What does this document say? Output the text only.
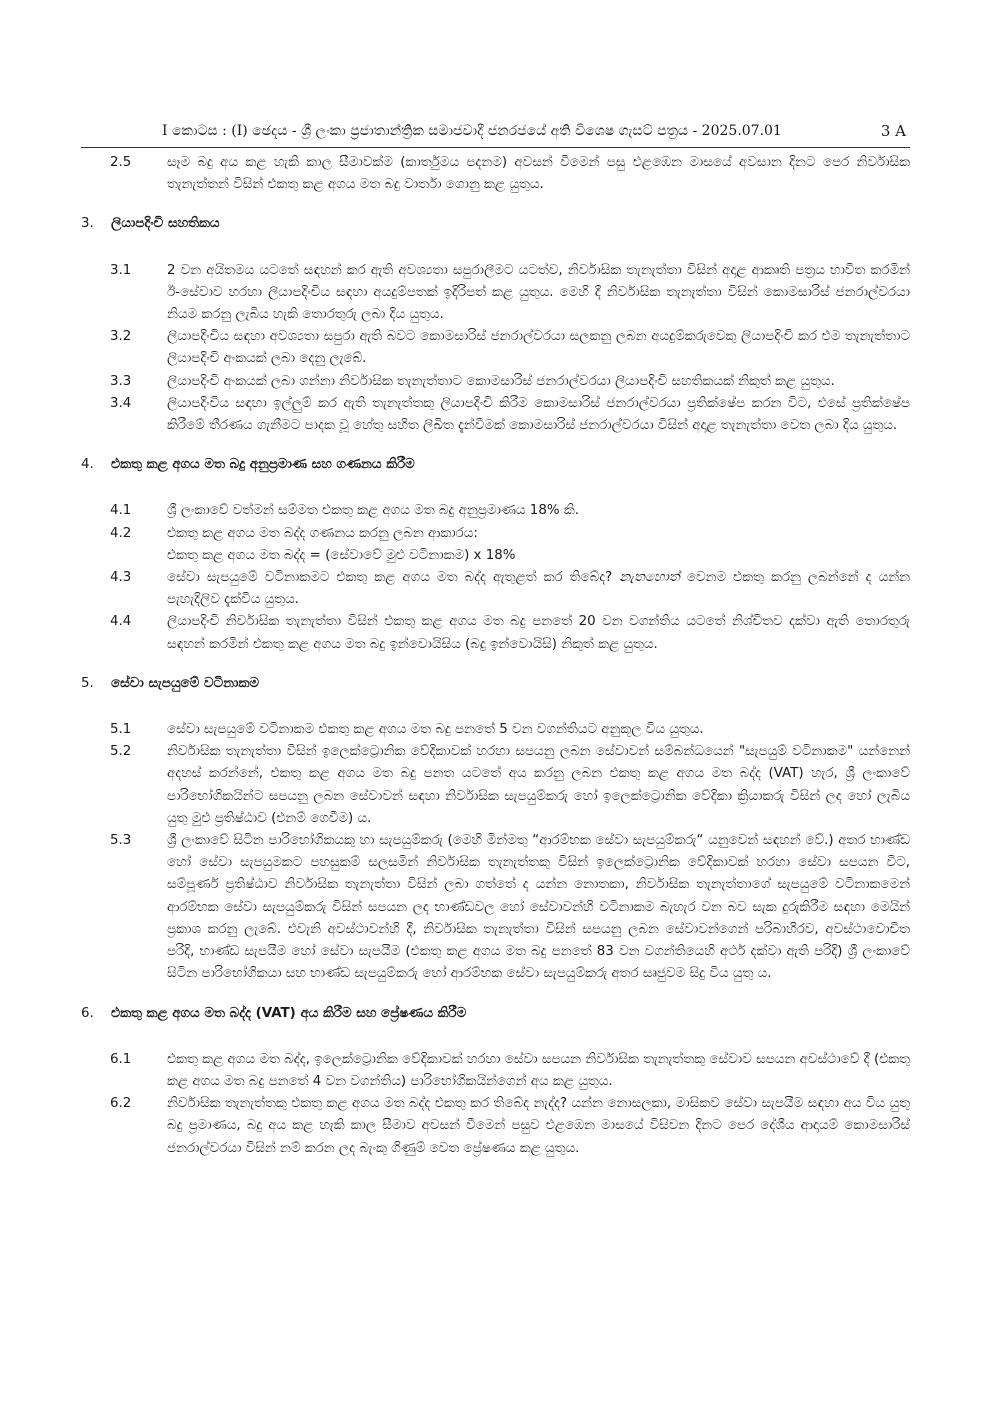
I කොටස : (I) ඡෙදය - ශ්‍රී ලංකා ප්‍රජාතාන්ත්‍රික සමාජවාදී ජනරජයේ අති විශෙෂ ගැසට් පත්‍රය - 2025.07.01	3 A
2.5	සෑම බදු අය කළ හැකි කාල සීමාවක්ම (කාර්තුමය පදනම) අවසන් වීමෙන් පසු එළඹෙන මාසයේ අවසාන දිනට පෙර නිර්වාසික තැනැත්තන් විසින් එකතු කළ අගය මත බදු වාර්තා ගොනු කළ යුතුය.
3. ලියාපදිංචි සහතිකය
3.1	2 වන අයිතමය යටතේ සඳහන් කර ඇති අවශ්‍යතා සපුරාලීමට යටත්ව, නිර්වාසික තැනැත්තා විසින් අදාළ ආකෘති පත්‍රය භාවිත කරමින් ඊ-සේවාව හරහා ලියාපදිංචිය සඳහා අයදුම්පතක් ඉදිරිපත් කළ යුතුය. මෙහි දී නිර්වාසික තැනැත්තා විසින් කොමසාරිස් ජනරාල්වරයා නියම කරනු ලැබිය හැකි තොරතුරු ලබා දිය යුතුය.
3.2	ලියාපදිංචිය සඳහා අවශ්‍යතා සපුරා ඇති බවට කොමසාරිස් ජනරාල්වරයා සලකනු ලබන අයදුම්කරුවෙකු ලියාපදිංචි කර එම තැනැත්තාට ලියාපදිංචි අංකයක් ලබා දෙනු ලැබේ.
3.3	ලියාපදිංචි අංකයක් ලබා ගන්නා නිර්වාසික තැනැත්තාට කොමසාරිස් ජනරාල්වරයා ලියාපදිංචි සහතිකයක් නිකුත් කළ යුතුය.
3.4	ලියාපදිංචිය සඳහා ඉල්ලුම් කර ඇති තැනැත්තකු ලියාපදිංචි කිරීම කොමසාරිස් ජනරාල්වරයා ප්‍රතික්ෂේප කරන විට, එසේ ප්‍රතික්ෂේප කිරීමේ තීරණය ගැනීමට පාදක වූ හේතු සහිත ලිඛිත දැන්වීමක් කොමසාරිස් ජනරාල්වරයා විසින් අදාළ තැනැත්තා වෙත ලබා දිය යුතුය.
4. එකතු කළ අගය මත බදු අනුප්‍රමාණ සහ ගණනය කිරීම
4.1	ශ්‍රී ලංකාවේ වත්මන් සම්මත එකතු කළ අගය මත බදු අනුප්‍රමාණය 18% කි.
4.2	එකතු කළ අගය මත බද්ද ගණනය කරනු ලබන ආකාරය:
එකතු කළ අගය මත බද්ද = (සේවාවේ මුළු වටිනාකම) x 18%
4.3	සේවා සැපයුමේ වටිනාකමට එකතු කළ අගය මත බද්ද ඇතුළත් කර තිබේද? නැතහොත් වෙනම එකතු කරනු ලබන්නේ ද යන්න පැහැදිලිව දැක්විය යුතුය.
4.4	ලියාපදිංචි නිර්වාසික තැනැත්තා විසින් එකතු කළ අගය මත බදු පනතේ 20 වන වගන්තිය යටතේ නිශ්චිතව දක්වා ඇති තොරතුරු සඳහන් කරමින් එකතු කළ අගය මත බදු ඉන්වොයිසිය (බදු ඉන්වොයිසි) නිකුත් කළ යුතුය.
5. සේවා සැපයුමේ වටිනාකම
5.1	සේවා සැපයුමේ වටිනාකම එකතු කළ අගය මත බදු පනතේ 5 වන වගන්තියට අනුකූල විය යුතුය.
5.2	නිර්වාසික තැනැත්තා විසින් ඉලෙක්ට්‍රොනික වේදිකාවක් හරහා සපයනු ලබන සේවාවන් සම්බන්ධයෙන් "සැපයුම් වටිනාකම" යන්නෙන් අදහස් කරන්නේ, එකතු කළ අගය මත බදු පනත යටතේ අය කරනු ලබන එකතු කළ අගය මත බද්ද (VAT) හැර, ශ්‍රී ලංකාවේ පාරිභෝගිකයින්ට සපයනු ලබන සේවාවන් සඳහා නිර්වාසික සැපයුම්කරු හෝ ඉලෙක්ට්‍රොනික වේදිකා ක්‍රියාකරු විසින් ලද හෝ ලැබිය යුතු මුළු ප්‍රතිෂ්ඨාව (එනම් ගෙවීම) ය.
5.3	ශ්‍රී ලංකාවේ සිටින පාරිභෝගිකයකු හා සැපයුම්කරු (මෙහි මින්මතු “ආරම්භක සේවා සැපයුම්කරු“ යනුවෙන් සඳහන් වේ.) අතර භාණ්ඩ හෝ සේවා සැපයුමකට පහසුකම් සලසමින් නිර්වාසික තැනැත්තකු විසින් ඉලෙක්ට්‍රොනික වේදිකාවක් හරහා සේවා සපයන විට, සම්පූර්ණ ප්‍රතිෂ්ඨාව නිර්වාසික තැනැත්තා විසින් ලබා ගත්තේ ද යන්න නොතකා, නිර්වාසික තැනැත්තාගේ සැපයුමේ වටිනාකමෙන් ආරම්භක සේවා සැපයුම්කරු විසින් සපයන ලද භාණ්ඩවල හෝ සේවාවන්හි වටිනාකම බැහැර වන බව සැක දුරුකිරීම සඳහා මෙයින් ප්‍රකාශ කරනු ලැබේ. එවැනි අවස්ථාවන්හි දී, නිර්වාසික තැනැත්තා විසින් සපයනු ලබන සේවාවන්ගෙන් පරිබාහිරව, අවස්ථාවොචිත පරිදි, භාණ්ඩ සැපයීම හෝ සේවා සැපයීම (එකතු කළ අගය මත බදු පනතේ 83 වන වගන්තියෙහි අර්ථ දක්වා ඇති පරිදි) ශ්‍රී ලංකාවේ සිටින පාරිභෝගිකයා සහ භාණ්ඩ සැපයුම්කරු හෝ ආරම්භක සේවා සැපයුම්කරු අතර සෘජුවම සිදු විය යුතු ය.
6. එකතු කළ අගය මත බද්ද (VAT) අය කිරීම සහ ප්‍රේෂණය කිරීම
6.1	එකතු කළ අගය මත බද්ද, ඉලෙක්ට්‍රොනික වේදිකාවක් හරහා සේවා සපයන නිර්වාසික තැනැත්තකු සේවාව සපයන අවස්ථාවේ දී (එකතු කළ අගය මත බදු පනතේ 4 වන වගන්තිය) පාරිභෝගිකයින්ගෙන් අය කළ යුතුය.
6.2	නිර්වාසික තැනැත්තකු එකතු කළ අගය මත බද්ද එකතු කර තිබේද නැද්ද? යන්න නොසලකා, මාසිකව සේවා සැපයීම සඳහා අය විය යුතු බදු ප්‍රමාණය, බදු අය කළ හැකි කාල සීමාව අවසන් වීමෙන් පසුව එළඹෙන මාසයේ විසිවන දිනට පෙර දේශීය ආදායම් කොමසාරිස් ජනරාල්වරයා විසින් නම් කරන ලද බැංකු ගිණුම් වෙත ප්‍රේෂණය කළ යුතුය.
